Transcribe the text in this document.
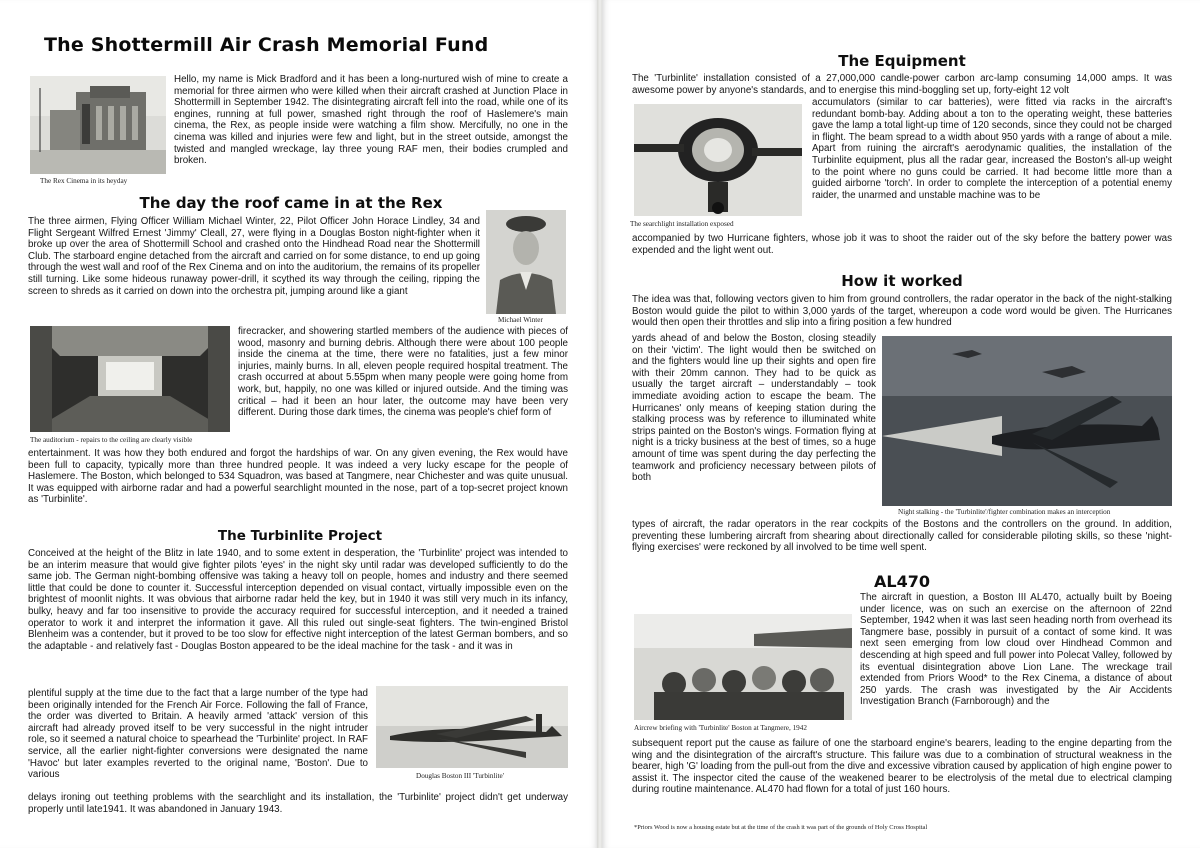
The Shottermill Air Crash Memorial Fund

The Rex Cinema in its heyday

Hello, my name is Mick Bradford and it has been a long-nurtured wish of mine to create a memorial for three airmen who were killed when their aircraft crashed at Junction Place in Shottermill in September 1942. The disintegrating aircraft fell into the road, while one of its engines, running at full power, smashed right through the roof of Haslemere's main cinema, the Rex, as people inside were watching a film show. Mercifully, no one in the cinema was killed and injuries were few and light, but in the street outside, amongst the twisted and mangled wreckage, lay three young RAF men, their bodies crumpled and broken.

The day the roof came in at the Rex

Michael Winter

The three airmen, Flying Officer William Michael Winter, 22, Pilot Officer John Horace Lindley, 34 and Flight Sergeant Wilfred Ernest 'Jimmy' Cleall, 27, were flying in a Douglas Boston night-fighter when it broke up over the area of Shottermill School and crashed onto the Hindhead Road near the Shottermill Club. The starboard engine detached from the aircraft and carried on for some distance, to end up going through the west wall and roof of the Rex Cinema and on into the auditorium, the remains of its propeller still turning. Like some hideous runaway power-drill, it scythed its way through the ceiling, ripping the screen to shreds as it carried on down into the orchestra pit, jumping around like a giant

The auditorium - repairs to the ceiling are clearly visible

firecracker, and showering startled members of the audience with pieces of wood, masonry and burning debris. Although there were about 100 people inside the cinema at the time, there were no fatalities, just a few minor injuries, mainly burns. In all, eleven people required hospital treatment. The crash occurred at about 5.55pm when many people were going home from work, but, happily, no one was killed or injured outside. And the timing was critical – had it been an hour later, the outcome may have been very different. During those dark times, the cinema was people's chief form of

entertainment. It was how they both endured and forgot the hardships of war. On any given evening, the Rex would have been full to capacity, typically more than three hundred people. It was indeed a very lucky escape for the people of Haslemere. The Boston, which belonged to 534 Squadron, was based at Tangmere, near Chichester and was quite unusual. It was equipped with airborne radar and had a powerful searchlight mounted in the nose, part of a top-secret project known as 'Turbinlite'.

The Turbinlite Project

Conceived at the height of the Blitz in late 1940, and to some extent in desperation, the 'Turbinlite' project was intended to be an interim measure that would give fighter pilots 'eyes' in the night sky until radar was developed sufficiently to do the same job. The German night-bombing offensive was taking a heavy toll on people, homes and industry and there seemed little that could be done to counter it. Successful interception depended on visual contact, virtually impossible even on the brightest of moonlit nights. It was obvious that airborne radar held the key, but in 1940 it was still very much in its infancy, bulky, heavy and far too insensitive to provide the accuracy required for successful interception, and it needed a trained operator to work it and interpret the information it gave. All this ruled out single-seat fighters. The twin-engined Bristol Blenheim was a contender, but it proved to be too slow for effective night interception of the latest German bombers, and so the adaptable - and relatively fast - Douglas Boston appeared to be the ideal machine for the task - and it was in

Douglas Boston III 'Turbinlite'

plentiful supply at the time due to the fact that a large number of the type had been originally intended for the French Air Force. Following the fall of France, the order was diverted to Britain. A heavily armed 'attack' version of this aircraft had already proved itself to be very successful in the night intruder role, so it seemed a natural choice to spearhead the 'Turbinlite' project. In RAF service, all the earlier night-fighter conversions were designated the name 'Havoc' but later examples reverted to the original name, 'Boston'. Due to various

delays ironing out teething problems with the searchlight and its installation, the 'Turbinlite' project didn't get underway properly until late1941. It was abandoned in January 1943.

The Equipment

The 'Turbinlite' installation consisted of a 27,000,000 candle-power carbon arc-lamp consuming 14,000 amps. It was awesome power by anyone's standards, and to energise this mind-boggling set up, forty-eight 12 volt

The searchlight installation exposed

accumulators (similar to car batteries), were fitted via racks in the aircraft's redundant bomb-bay. Adding about a ton to the operating weight, these batteries gave the lamp a total light-up time of 120 seconds, since they could not be charged in flight. The beam spread to a width about 950 yards with a range of about a mile. Apart from ruining the aircraft's aerodynamic qualities, the installation of the Turbinlite equipment, plus all the radar gear, increased the Boston's all-up weight to the point where no guns could be carried. It had become little more than a guided airborne 'torch'. In order to complete the interception of a potential enemy raider, the unarmed and unstable machine was to be

accompanied by two Hurricane fighters, whose job it was to shoot the raider out of the sky before the battery power was expended and the light went out.

How it worked

The idea was that, following vectors given to him from ground controllers, the radar operator in the back of the night-stalking Boston would guide the pilot to within 3,000 yards of the target, whereupon a code word would be given. The Hurricanes would then open their throttles and slip into a firing position a few hundred

Night stalking - the 'Turbinlite'/fighter combination makes an interception

yards ahead of and below the Boston, closing steadily on their 'victim'. The light would then be switched on and the fighters would line up their sights and open fire with their 20mm cannon. They had to be quick as usually the target aircraft – understandably – took immediate avoiding action to escape the beam. The Hurricanes' only means of keeping station during the stalking process was by reference to illuminated white strips painted on the Boston's wings. Formation flying at night is a tricky business at the best of times, so a huge amount of time was spent during the day perfecting the teamwork and proficiency necessary between pilots of both

types of aircraft, the radar operators in the rear cockpits of the Bostons and the controllers on the ground. In addition, preventing these lumbering aircraft from shearing about directionally called for considerable piloting skills, so these 'night-flying exercises' were reckoned by all involved to be time well spent.

AL470

Aircrew briefing with 'Turbinlite' Boston at Tangmere, 1942

The aircraft in question, a Boston III AL470, actually built by Boeing under licence, was on such an exercise on the afternoon of 22nd September, 1942 when it was last seen heading north from overhead its Tangmere base, possibly in pursuit of a contact of some kind. It was next seen emerging from low cloud over Hindhead Common and descending at high speed and full power into Polecat Valley, followed by its eventual disintegration above Lion Lane. The wreckage trail extended from Priors Wood* to the Rex Cinema, a distance of about 250 yards. The crash was investigated by the Air Accidents Investigation Branch (Farnborough) and the

subsequent report put the cause as failure of one the starboard engine's bearers, leading to the engine departing from the wing and the disintegration of the aircraft's structure. This failure was due to a combination of structural weakness in the bearer, high 'G' loading from the pull-out from the dive and excessive vibration caused by application of high engine power to assist it. The inspector cited the cause of the weakened bearer to be electrolysis of the metal due to electrical clamping during routine maintenance. AL470 had flown for a total of just 160 hours.

*Priors Wood is now a housing estate but at the time of the crash it was part of the grounds of Holy Cross Hospital
